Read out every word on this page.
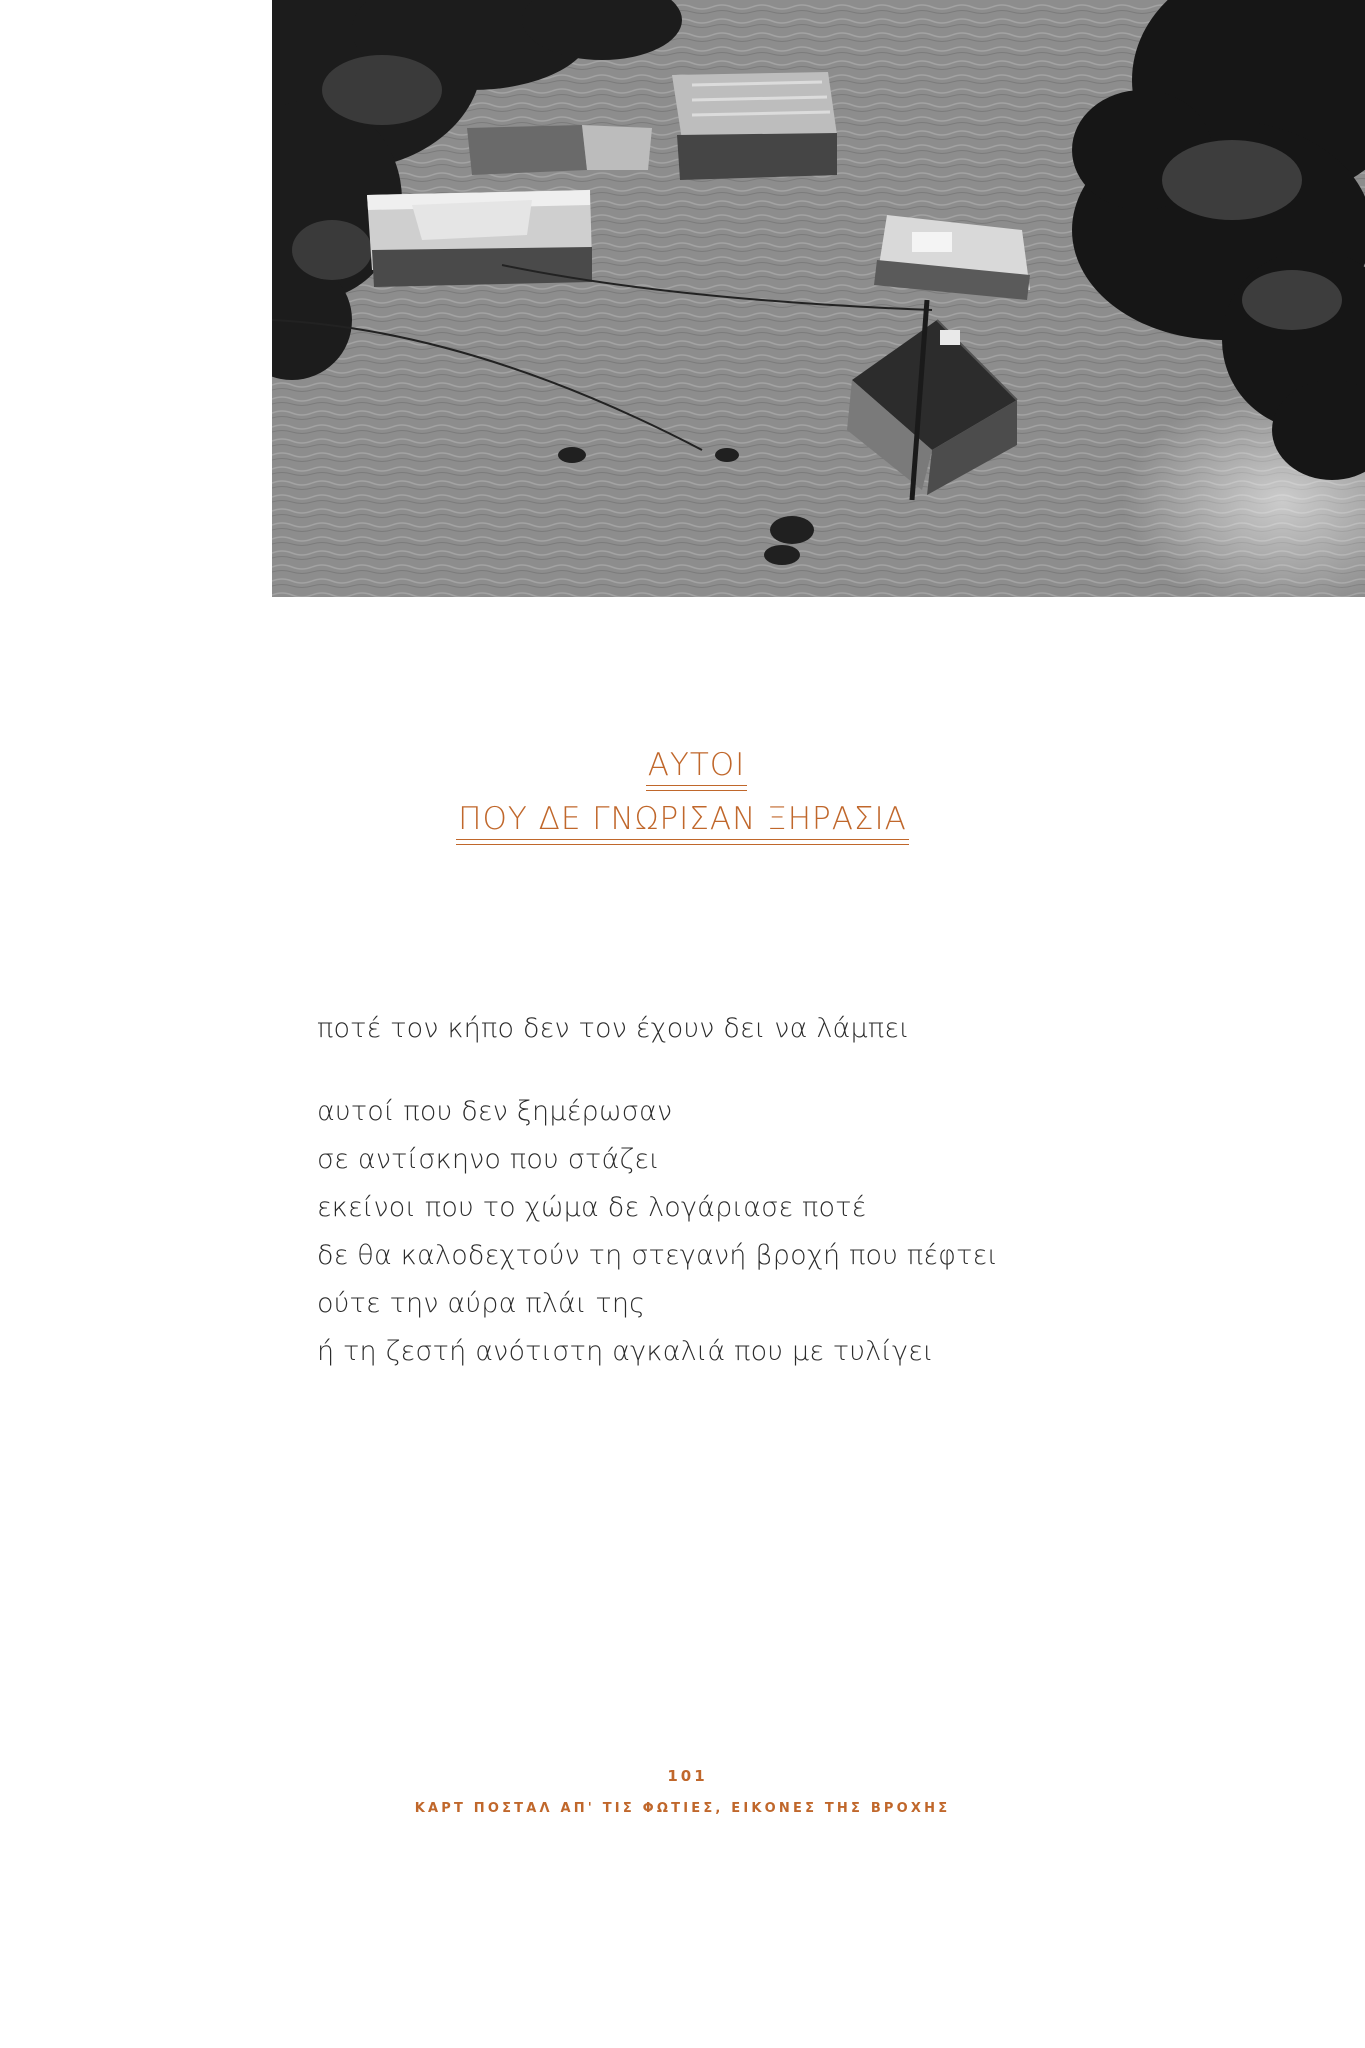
ΑΥΤΟΙ
ΠΟΥ ΔΕ ΓΝΩΡΙΣΑΝ ΞΗΡΑΣΙΑ
ποτέ τον κήπο δεν τον έχουν δει να λάμπει
αυτοί που δεν ξημέρωσαν
σε αντίσκηνο που στάζει
εκείνοι που το χώμα δε λογάριασε ποτέ
δε θα καλοδεχτούν τη στεγανή βροχή που πέφτει
ούτε την αύρα πλάι της
ή τη ζεστή ανότιστη αγκαλιά που με τυλίγει
101
ΚΑΡΤ ΠΟΣΤΑΛ ΑΠ' ΤΙΣ ΦΩΤΙΕΣ, ΕΙΚΟΝΕΣ ΤΗΣ ΒΡΟΧΗΣ
